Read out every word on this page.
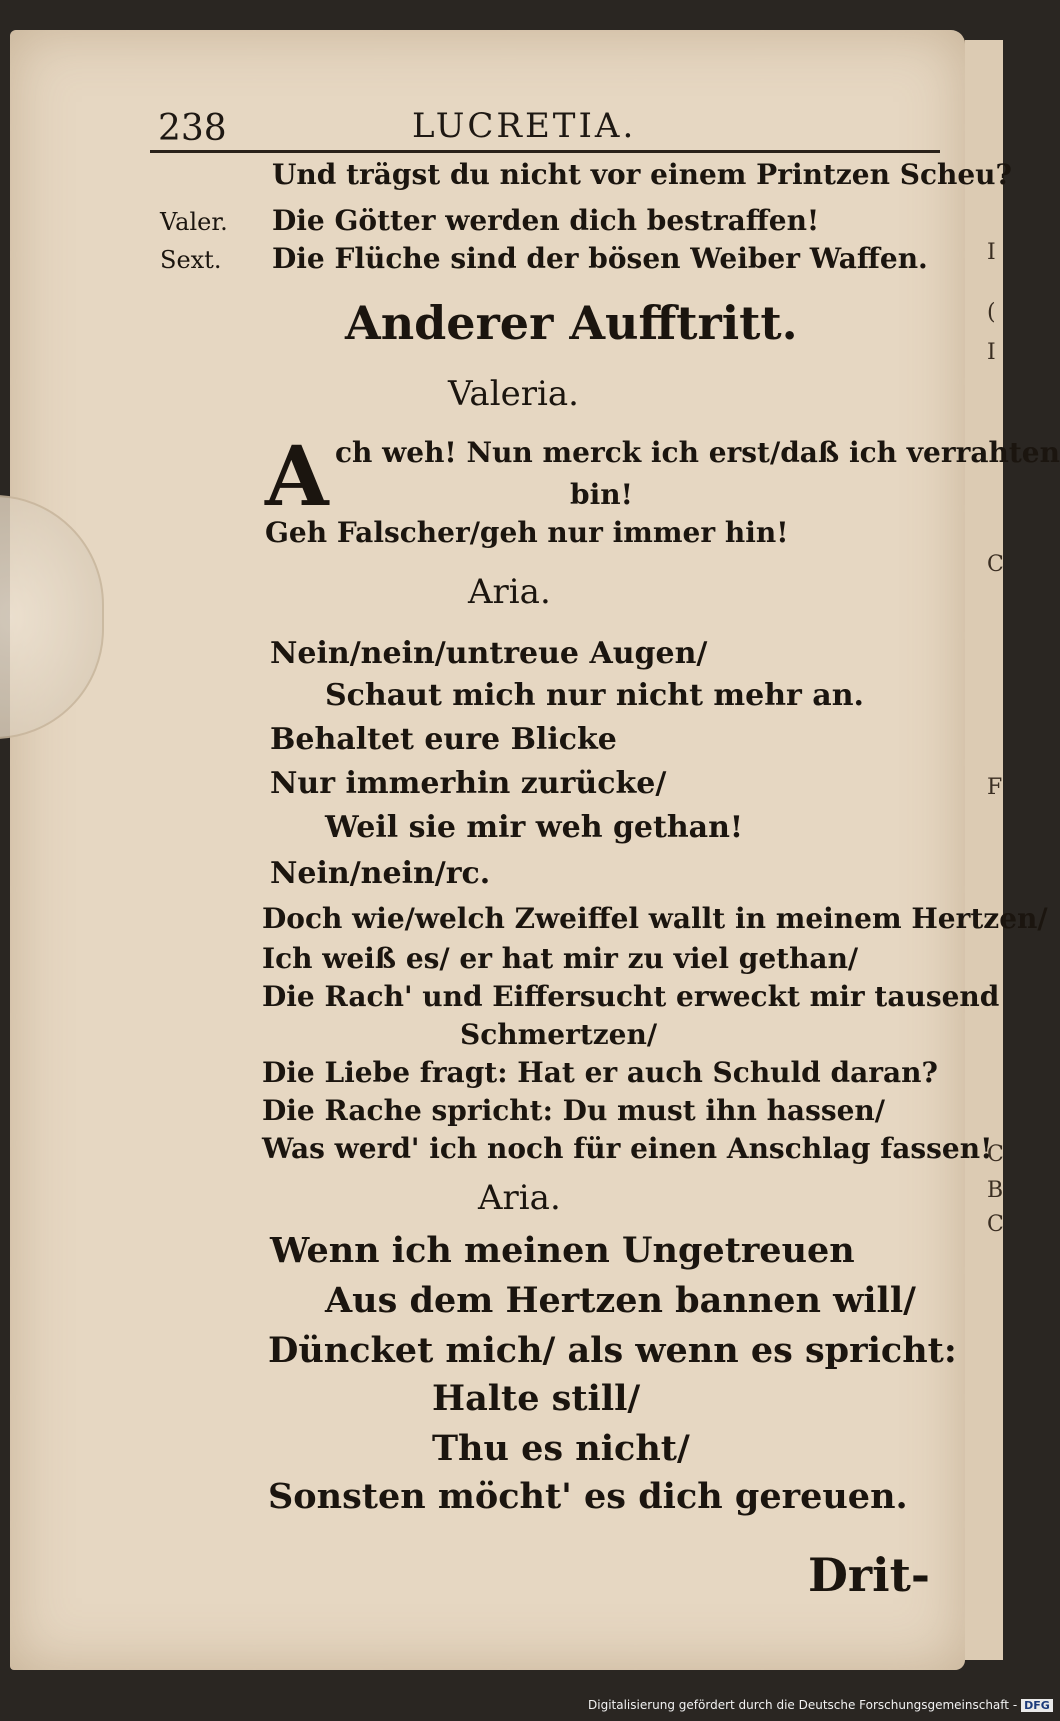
I
(
I
C
F
C
B
C
238	LUCRETIA.
Und trägst du nicht vor einem Printzen Scheu?
Valer. Die Götter werden dich bestraffen!
Sext. Die Flüche sind der bösen Weiber Waffen.
Anderer Aufftritt.
Valeria.
A ch weh! Nun merck ich erst/daß ich verrahten
bin!
Geh Falscher/geh nur immer hin!
Aria.
Nein/nein/untreue Augen/
Schaut mich nur nicht mehr an.
Behaltet eure Blicke
Nur immerhin zurücke/
Weil sie mir weh gethan!
Nein/nein/rc.
Doch wie/welch Zweiffel wallt in meinem Hertzen/
Ich weiß es/ er hat mir zu viel gethan/
Die Rach' und Eiffersucht erweckt mir tausend
Schmertzen/
Die Liebe fragt: Hat er auch Schuld daran?
Die Rache spricht: Du must ihn hassen/
Was werd' ich noch für einen Anschlag fassen!
Aria.
Wenn ich meinen Ungetreuen
Aus dem Hertzen bannen will/
Düncket mich/ als wenn es spricht:
Halte still/
Thu es nicht/
Sonsten möcht' es dich gereuen.
Drit-
Digitalisierung gefördert durch die Deutsche Forschungsgemeinschaft - DFG
